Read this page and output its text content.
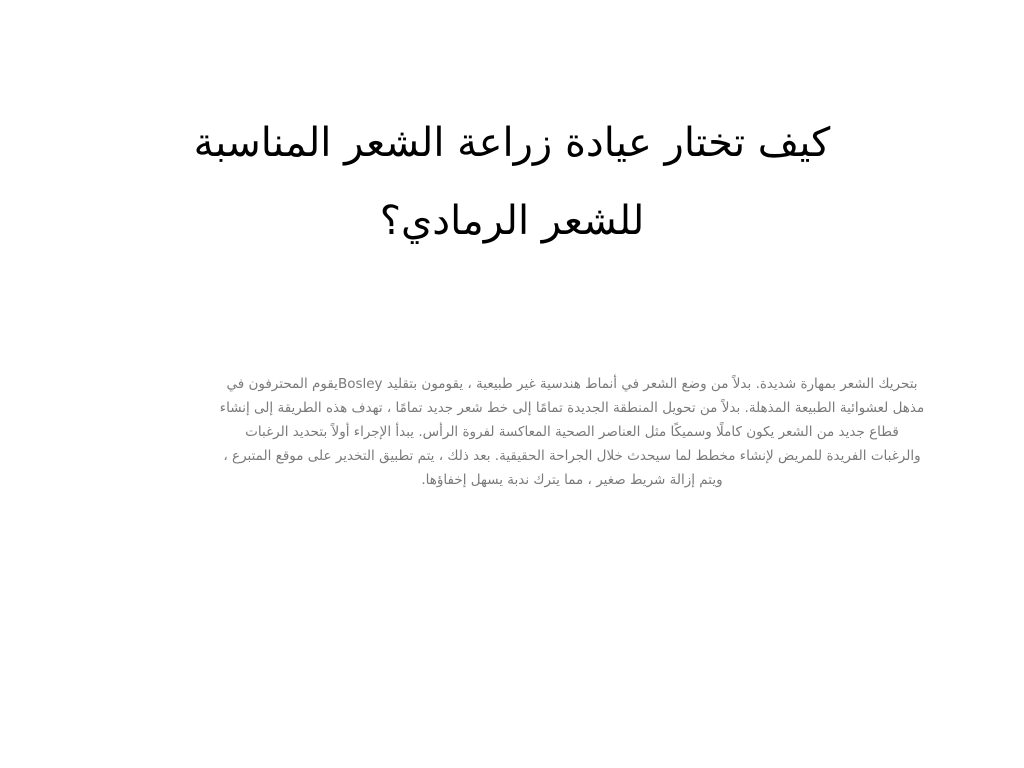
كيف تختار عيادة زراعة الشعر المناسبة
للشعر الرمادي؟

بتحريك الشعر بمهارة شديدة. بدلاً من وضع الشعر في أنماط هندسية غير طبيعية ، يقومون بتقليد Bosleyيقوم المحترفون في
مذهل لعشوائية الطبيعة المذهلة. بدلاً من تحويل المنطقة الجديدة تمامًا إلى خط شعر جديد تمامًا ، تهدف هذه الطريقة إلى إنشاء
قطاع جديد من الشعر يكون كاملًا وسميكًا مثل العناصر الصحية المعاكسة لفروة الرأس. يبدأ الإجراء أولاً بتحديد الرغبات
والرغبات الفريدة للمريض لإنشاء مخطط لما سيحدث خلال الجراحة الحقيقية. بعد ذلك ، يتم تطبيق التخدير على موقع المتبرع ،
ويتم إزالة شريط صغير ، مما يترك ندبة يسهل إخفاؤها.
